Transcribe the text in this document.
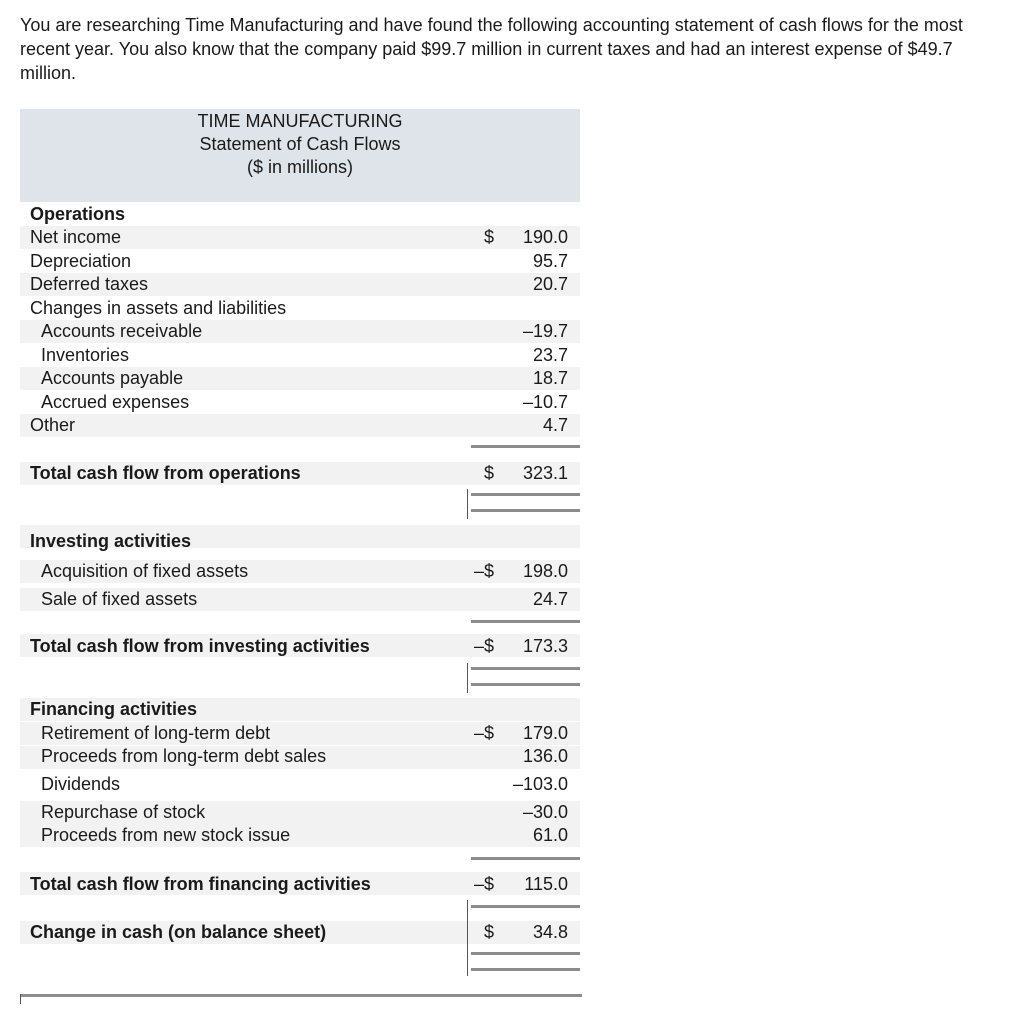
You are researching Time Manufacturing and have found the following accounting statement of cash flows for the most recent year. You also know that the company paid $99.7 million in current taxes and had an interest expense of $49.7 million.
TIME MANUFACTURING
Statement of Cash Flows
($ in millions)
Operations
Net income	$	190.0
Depreciation	95.7
Deferred taxes	20.7
Changes in assets and liabilities
Accounts receivable	–19.7
Inventories	23.7
Accounts payable	18.7
Accrued expenses	–10.7
Other	4.7
Total cash flow from operations	$	323.1
Investing activities
Acquisition of fixed assets	–$	198.0
Sale of fixed assets	24.7
Total cash flow from investing activities	–$	173.3
Financing activities
Retirement of long-term debt	–$	179.0
Proceeds from long-term debt sales	136.0
Dividends	–103.0
Repurchase of stock	–30.0
Proceeds from new stock issue	61.0
Total cash flow from financing activities	–$	115.0
Change in cash (on balance sheet)	$	34.8
